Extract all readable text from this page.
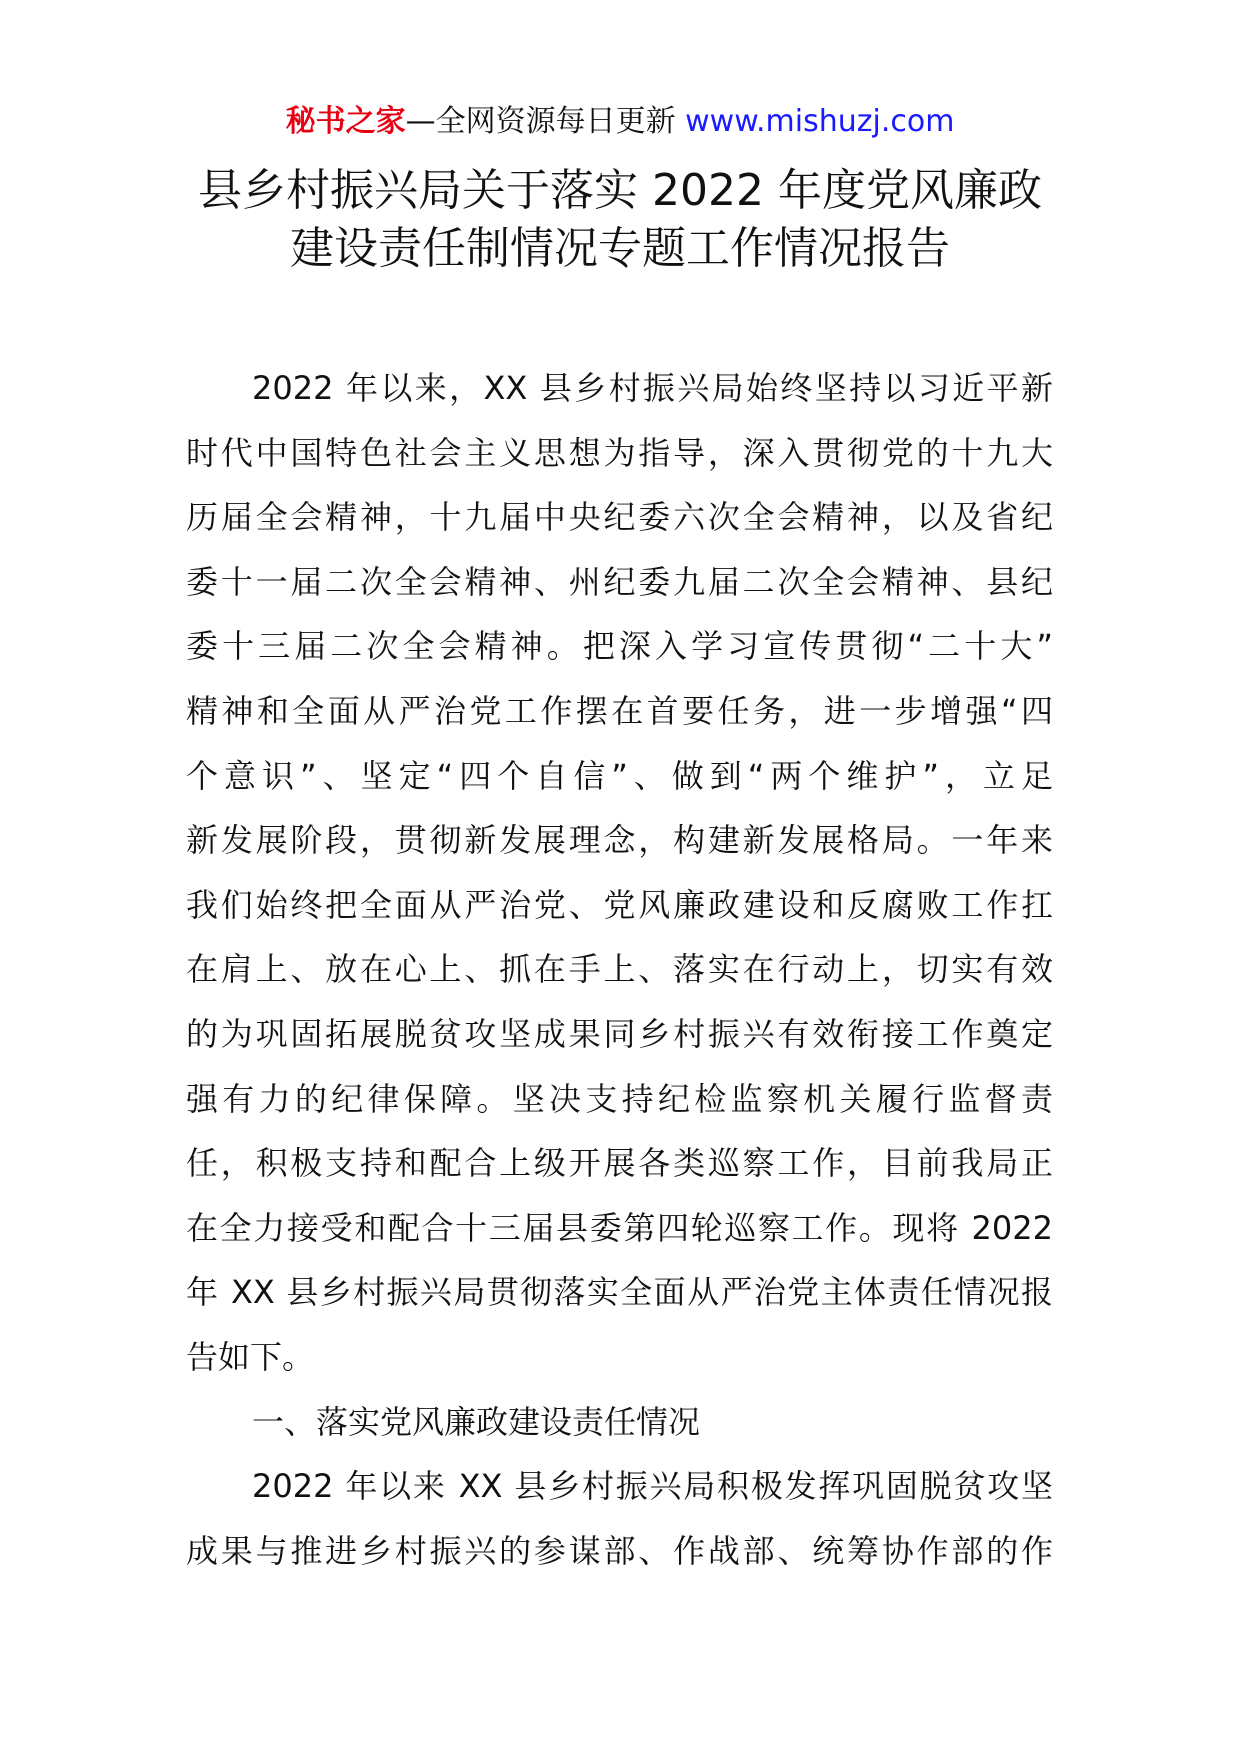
秘书之家—全网资源每日更新 www.mishuzj.com
县乡村振兴局关于落实 2022 年度党风廉政
建设责任制情况专题工作情况报告
2022 年以来，XX 县乡村振兴局始终坚持以习近平新
时代中国特色社会主义思想为指导，深入贯彻党的十九大
历届全会精神，十九届中央纪委六次全会精神，以及省纪
委十一届二次全会精神、州纪委九届二次全会精神、县纪
委十三届二次全会精神。把深入学习宣传贯彻“二十大”
精神和全面从严治党工作摆在首要任务，进一步增强“四
个意识”、坚定“四个自信”、做到“两个维护”，立足
新发展阶段，贯彻新发展理念，构建新发展格局。一年来
我们始终把全面从严治党、党风廉政建设和反腐败工作扛
在肩上、放在心上、抓在手上、落实在行动上，切实有效
的为巩固拓展脱贫攻坚成果同乡村振兴有效衔接工作奠定
强有力的纪律保障。坚决支持纪检监察机关履行监督责
任，积极支持和配合上级开展各类巡察工作，目前我局正
在全力接受和配合十三届县委第四轮巡察工作。现将 2022
年 XX 县乡村振兴局贯彻落实全面从严治党主体责任情况报
告如下。
一、落实党风廉政建设责任情况
2022 年以来 XX 县乡村振兴局积极发挥巩固脱贫攻坚
成果与推进乡村振兴的参谋部、作战部、统筹协作部的作
